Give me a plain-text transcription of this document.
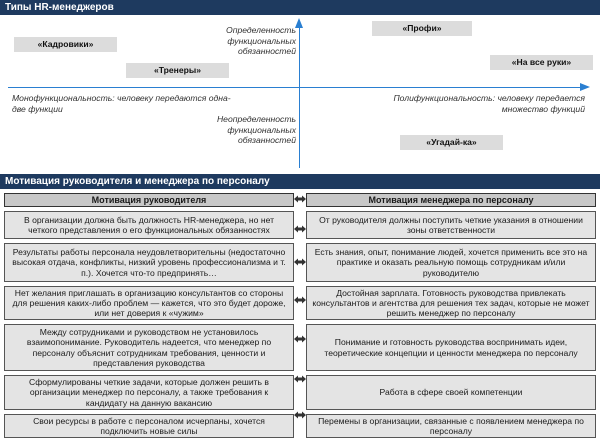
Типы HR-менеджеров
Определенность функциональных обязанностей
Неопределенность функциональных обязанностей
Монофункциональность: человеку передаются одна-две функции
Полифункциональность: человеку передается множество функций
«Кадровики»
«Тренеры»
«Профи»
«На все руки»
«Угадай-ка»
Мотивация руководителя и менеджера по персоналу
Мотивация руководителя
В организации должна быть должность HR-менеджера, но нет четкого представления о его функциональных обязанностях
Результаты работы персонала неудовлетворительны (недостаточно высокая отдача, конфликты, низкий уровень профессионализма и т. п.). Хочется что-то предпринять…
Нет желания приглашать в организацию консультантов со стороны для решения каких-либо проблем — кажется, что это будет дороже, или нет доверия к «чужим»
Между сотрудниками и руководством не установилось взаимопонимание. Руководитель надеется, что менеджер по персоналу объяснит сотрудникам требования, ценности и представления руководства
Сформулированы четкие задачи, которые должен решить в организации менеджер по персоналу, а также требования к кандидату на данную вакансию
Свои ресурсы в работе с персоналом исчерпаны, хочется подключить новые силы
Мотивация менеджера по персоналу
От руководителя должны поступить четкие указания в отношении зоны ответственности
Есть знания, опыт, понимание людей, хочется применить все это на практике и оказать реальную помощь сотрудникам и/или руководителю
Достойная зарплата. Готовность руководства привлекать консультантов и агентства для решения тех задач, которые не может решить менеджер по персоналу
Понимание и готовность руководства воспринимать идеи, теоретические концепции и ценности менеджера по персоналу
Работа в сфере своей компетенции
Перемены в организации, связанные с появлением менеджера по персоналу
